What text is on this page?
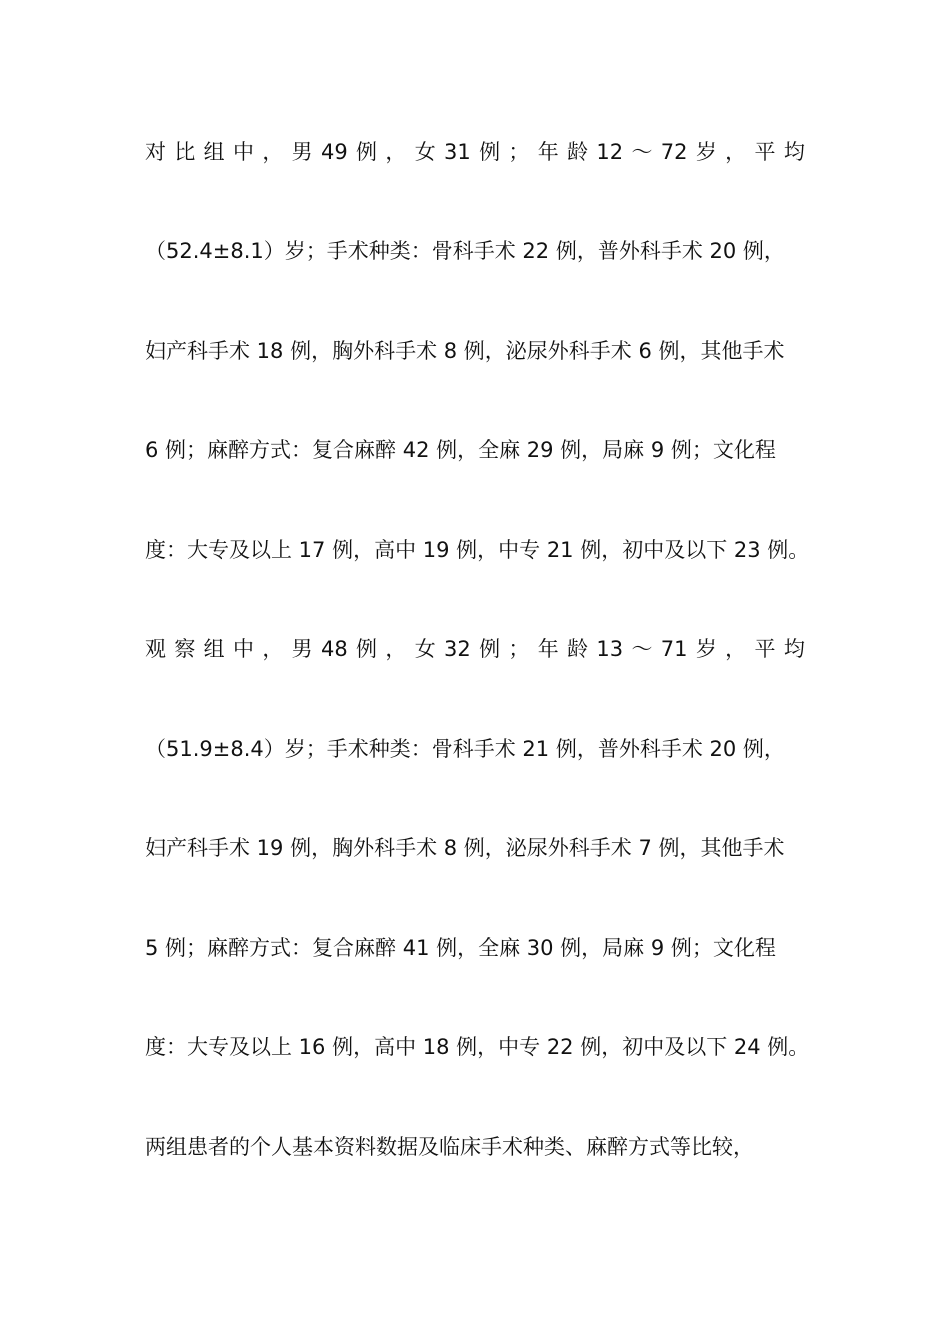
对 比 组 中 ， 男 49 例 ， 女 31 例 ； 年 龄 12 ～ 72 岁 ， 平 均
（52.4±8.1）岁；手术种类：骨科手术 22 例，普外科手术 20 例，
妇产科手术 18 例，胸外科手术 8 例，泌尿外科手术 6 例，其他手术
6 例；麻醉方式：复合麻醉 42 例，全麻 29 例，局麻 9 例；文化程
度：大专及以上 17 例，高中 19 例，中专 21 例，初中及以下 23 例。
观 察 组 中 ， 男 48 例 ， 女 32 例 ； 年 龄 13 ～ 71 岁 ， 平 均
（51.9±8.4）岁；手术种类：骨科手术 21 例，普外科手术 20 例，
妇产科手术 19 例，胸外科手术 8 例，泌尿外科手术 7 例，其他手术
5 例；麻醉方式：复合麻醉 41 例，全麻 30 例，局麻 9 例；文化程
度：大专及以上 16 例，高中 18 例，中专 22 例，初中及以下 24 例。
两组患者的个人基本资料数据及临床手术种类、麻醉方式等比较，
